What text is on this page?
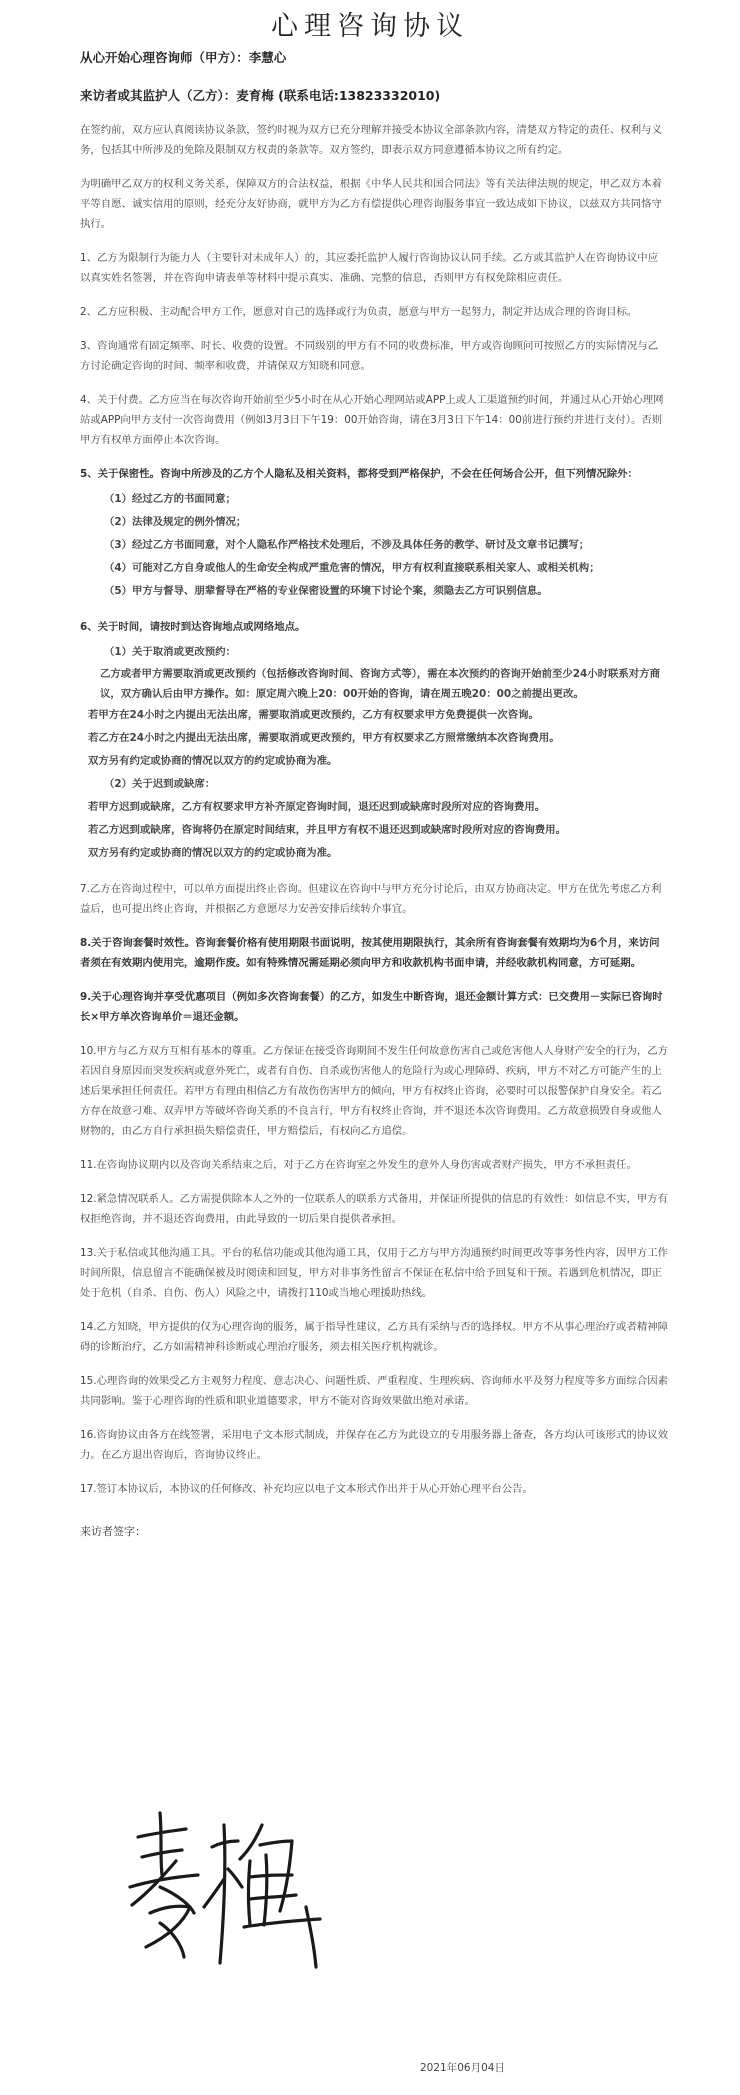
心理咨询协议
从心开始心理咨询师（甲方）：李慧心
来访者或其监护人（乙方）：麦育梅 (联系电话:13823332010)

在签约前，双方应认真阅读协议条款，签约时视为双方已充分理解并接受本协议全部条款内容，清楚双方特定的责任、权利与义务，包括其中所涉及的免除及限制双方权责的条款等。双方签约，即表示双方同意遵循本协议之所有约定。

为明确甲乙双方的权利义务关系，保障双方的合法权益，根据《中华人民共和国合同法》等有关法律法规的规定，甲乙双方本着平等自愿、诚实信用的原则，经充分友好协商，就甲方为乙方有偿提供心理咨询服务事宜一致达成如下协议，以兹双方共同恪守执行。

1、乙方为限制行为能力人（主要针对未成年人）的，其应委托监护人履行咨询协议认同手续。乙方或其监护人在咨询协议中应以真实姓名签署，并在咨询申请表单等材料中提示真实、准确、完整的信息，否则甲方有权免除相应责任。

2、乙方应积极、主动配合甲方工作，愿意对自己的选择或行为负责，愿意与甲方一起努力，制定并达成合理的咨询目标。

3、咨询通常有固定频率、时长、收费的设置。不同级别的甲方有不同的收费标准，甲方或咨询顾问可按照乙方的实际情况与乙方讨论确定咨询的时间、频率和收费，并请保双方知晓和同意。

4、关于付费。乙方应当在每次咨询开始前至少5小时在从心开始心理网站或APP上或人工渠道预约时间，并通过从心开始心理网站或APP向甲方支付一次咨询费用（例如3月3日下午19：00开始咨询，请在3月3日下午14：00前进行预约并进行支付）。否则甲方有权单方面停止本次咨询。

5、关于保密性。咨询中所涉及的乙方个人隐私及相关资料，都将受到严格保护，不会在任何场合公开，但下列情况除外：

（1）经过乙方的书面同意；
（2）法律及规定的例外情况；
（3）经过乙方书面同意，对个人隐私作严格技术处理后，不涉及具体任务的教学、研讨及文章书记撰写；
（4）可能对乙方自身或他人的生命安全构成严重危害的情况，甲方有权利直接联系相关家人、或相关机构；
（5）甲方与督导、朋辈督导在严格的专业保密设置的环境下讨论个案，须隐去乙方可识别信息。

6、关于时间，请按时到达咨询地点或网络地点。

（1）关于取消或更改预约：
乙方或者甲方需要取消或更改预约（包括修改咨询时间、咨询方式等），需在本次预约的咨询开始前至少24小时联系对方商议，双方确认后由甲方操作。如：原定周六晚上20：00开始的咨询，请在周五晚20：00之前提出更改。
若甲方在24小时之内提出无法出席，需要取消或更改预约，乙方有权要求甲方免费提供一次咨询。
若乙方在24小时之内提出无法出席，需要取消或更改预约，甲方有权要求乙方照常缴纳本次咨询费用。
双方另有约定或协商的情况以双方的约定或协商为准。
（2）关于迟到或缺席：
若甲方迟到或缺席，乙方有权要求甲方补齐原定咨询时间，退还迟到或缺席时段所对应的咨询费用。
若乙方迟到或缺席，咨询将仍在原定时间结束，并且甲方有权不退还迟到或缺席时段所对应的咨询费用。
双方另有约定或协商的情况以双方的约定或协商为准。

7.乙方在咨询过程中，可以单方面提出终止咨询。但建议在咨询中与甲方充分讨论后，由双方协商决定。甲方在优先考虑乙方利益后，也可提出终止咨询，并根据乙方意愿尽力安善安排后续转介事宜。

8.关于咨询套餐时效性。咨询套餐价格有使用期限书面说明，按其使用期限执行，其余所有咨询套餐有效期均为6个月，来访问者须在有效期内使用完，逾期作废。如有特殊情况需延期必须向甲方和收款机构书面申请，并经收款机构同意，方可延期。

9.关于心理咨询并享受优惠项目（例如多次咨询套餐）的乙方，如发生中断咨询，退还金额计算方式：已交费用－实际已咨询时长×甲方单次咨询单价＝退还金额。

10.甲方与乙方双方互相有基本的尊重。乙方保证在接受咨询期间不发生任何故意伤害自己或危害他人人身财产安全的行为，乙方若因自身原因而突发疾病或意外死亡，或者有自伤、自杀或伤害他人的危险行为或心理障碍、疾病，甲方不对乙方可能产生的上述后果承担任何责任。若甲方有理由相信乙方有故伤伤害甲方的倾向，甲方有权终止咨询，必要时可以报警保护自身安全。若乙方存在故意刁难、双弄甲方等破坏咨询关系的不良言行，甲方有权终止咨询，并不退还本次咨询费用。乙方故意损毁自身或他人财物的，由乙方自行承担损失赔偿责任，甲方赔偿后，有权向乙方追偿。

11.在咨询协议期内以及咨询关系结束之后，对于乙方在咨询室之外发生的意外人身伤害或者财产损失，甲方不承担责任。

12.紧急情况联系人。乙方需提供除本人之外的一位联系人的联系方式备用，并保证所提供的信息的有效性：如信息不实，甲方有权拒绝咨询，并不退还咨询费用，由此导致的一切后果自提供者承担。

13.关于私信或其他沟通工具。平台的私信功能或其他沟通工具，仅用于乙方与甲方沟通预约时间更改等事务性内容，因甲方工作时间所限，信息留言不能确保被及时阅读和回复，甲方对非事务性留言不保证在私信中给予回复和干预。若遇到危机情况，即正处于危机（自杀、自伤、伤人）风险之中，请拨打110或当地心理援助热线。

14.乙方知晓，甲方提供的仅为心理咨询的服务，属于指导性建议，乙方具有采纳与否的选择权。甲方不从事心理治疗或者精神障碍的诊断治疗，乙方如需精神科诊断或心理治疗服务，须去相关医疗机构就诊。

15.心理咨询的效果受乙方主观努力程度、意志决心、问题性质、严重程度、生理疾病、咨询师水平及努力程度等多方面综合因素共同影响。鉴于心理咨询的性质和职业道德要求，甲方不能对咨询效果做出绝对承诺。

16.咨询协议由各方在线签署，采用电子文本形式制成，并保存在乙方为此设立的专用服务器上备查，各方均认可该形式的协议效力。在乙方退出咨询后，咨询协议终止。

17.签订本协议后，本协议的任何修改、补充均应以电子文本形式作出并于从心开始心理平台公告。

来访者签字：
2021年06月04日
